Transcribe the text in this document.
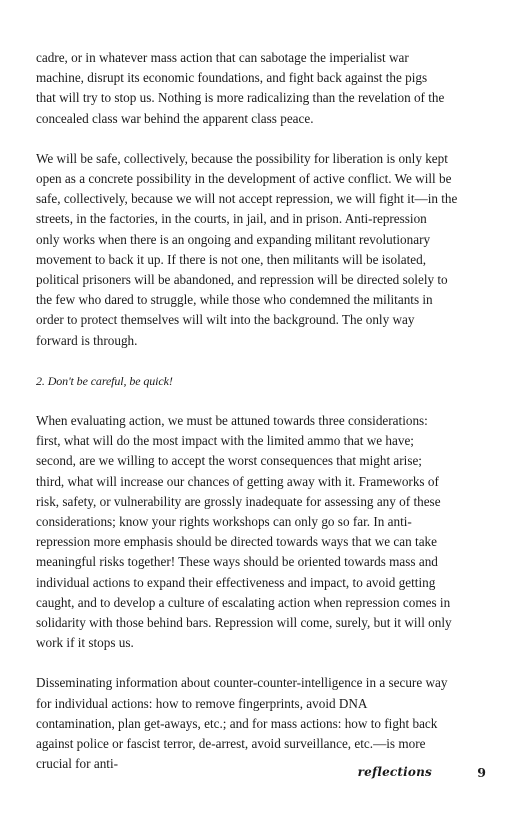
cadre, or in whatever mass action that can sabotage the imperialist war
machine, disrupt its economic foundations, and fight back against the pigs
that will try to stop us. Nothing is more radicalizing than the revelation of the
concealed class war behind the apparent class peace.

We will be safe, collectively, because the possibility for liberation is only kept
open as a concrete possibility in the development of active conflict. We will be
safe, collectively, because we will not accept repression, we will fight it—in the
streets, in the factories, in the courts, in jail, and in prison. Anti-repression
only works when there is an ongoing and expanding militant revolutionary
movement to back it up. If there is not one, then militants will be isolated,
political prisoners will be abandoned, and repression will be directed solely to
the few who dared to struggle, while those who condemned the militants in
order to protect themselves will wilt into the background. The only way
forward is through.

2. Don't be careful, be quick!

When evaluating action, we must be attuned towards three considerations:
first, what will do the most impact with the limited ammo that we have;
second, are we willing to accept the worst consequences that might arise;
third, what will increase our chances of getting away with it. Frameworks of
risk, safety, or vulnerability are grossly inadequate for assessing any of these
considerations; know your rights workshops can only go so far. In anti-
repression more emphasis should be directed towards ways that we can take
meaningful risks together! These ways should be oriented towards mass and
individual actions to expand their effectiveness and impact, to avoid getting
caught, and to develop a culture of escalating action when repression comes in
solidarity with those behind bars. Repression will come, surely, but it will only
work if it stops us.

Disseminating information about counter-counter-intelligence in a secure way
for individual actions: how to remove fingerprints, avoid DNA
contamination, plan get-aways, etc.; and for mass actions: how to fight back
against police or fascist terror, de-arrest, avoid surveillance, etc.—is more
crucial for anti-

reflections	9
